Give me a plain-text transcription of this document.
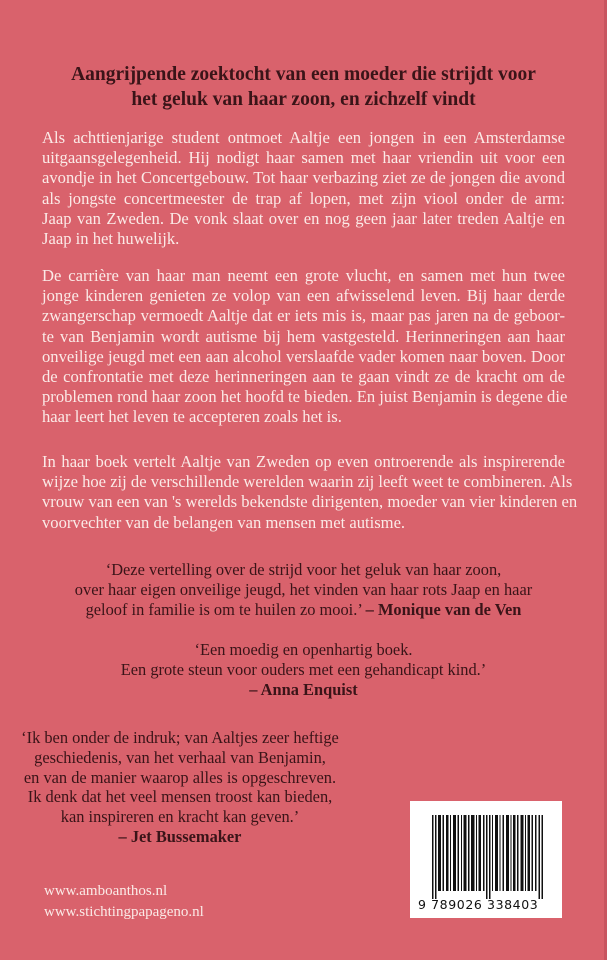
Aangrijpende zoektocht van een moeder die strijdt voor
het geluk van haar zoon, en zichzelf vindt
Als achttienjarige student ontmoet Aaltje een jongen in een Amsterdamse
uitgaansgelegenheid. Hij nodigt haar samen met haar vriendin uit voor een
avondje in het Concertgebouw. Tot haar verbazing ziet ze de jongen die avond
als jongste concertmeester de trap af lopen, met zijn viool onder de arm:
Jaap van Zweden. De vonk slaat over en nog geen jaar later treden Aaltje en
Jaap in het huwelijk.
De carrière van haar man neemt een grote vlucht, en samen met hun twee
jonge kinderen genieten ze volop van een afwisselend leven. Bij haar derde
zwangerschap vermoedt Aaltje dat er iets mis is, maar pas jaren na de geboor-
te van Benjamin wordt autisme bij hem vastgesteld. Herinneringen aan haar
onveilige jeugd met een aan alcohol verslaafde vader komen naar boven. Door
de confrontatie met deze herinneringen aan te gaan vindt ze de kracht om de
problemen rond haar zoon het hoofd te bieden. En juist Benjamin is degene die
haar leert het leven te accepteren zoals het is.
In haar boek vertelt Aaltje van Zweden op even ontroerende als inspirerende
wijze hoe zij de verschillende werelden waarin zij leeft weet te combineren. Als
vrouw van een van 's werelds bekendste dirigenten, moeder van vier kinderen en
voorvechter van de belangen van mensen met autisme.
‘Deze vertelling over de strijd voor het geluk van haar zoon,
over haar eigen onveilige jeugd, het vinden van haar rots Jaap en haar
geloof in familie is om te huilen zo mooi.’ – Monique van de Ven
‘Een moedig en openhartig boek.
Een grote steun voor ouders met een gehandicapt kind.’
– Anna Enquist
‘Ik ben onder de indruk; van Aaltjes zeer heftige
geschiedenis, van het verhaal van Benjamin,
en van de manier waarop alles is opgeschreven.
Ik denk dat het veel mensen troost kan bieden,
kan inspireren en kracht kan geven.’
– Jet Bussemaker
9 789026 338403
www.amboanthos.nl
www.stichtingpapageno.nl
